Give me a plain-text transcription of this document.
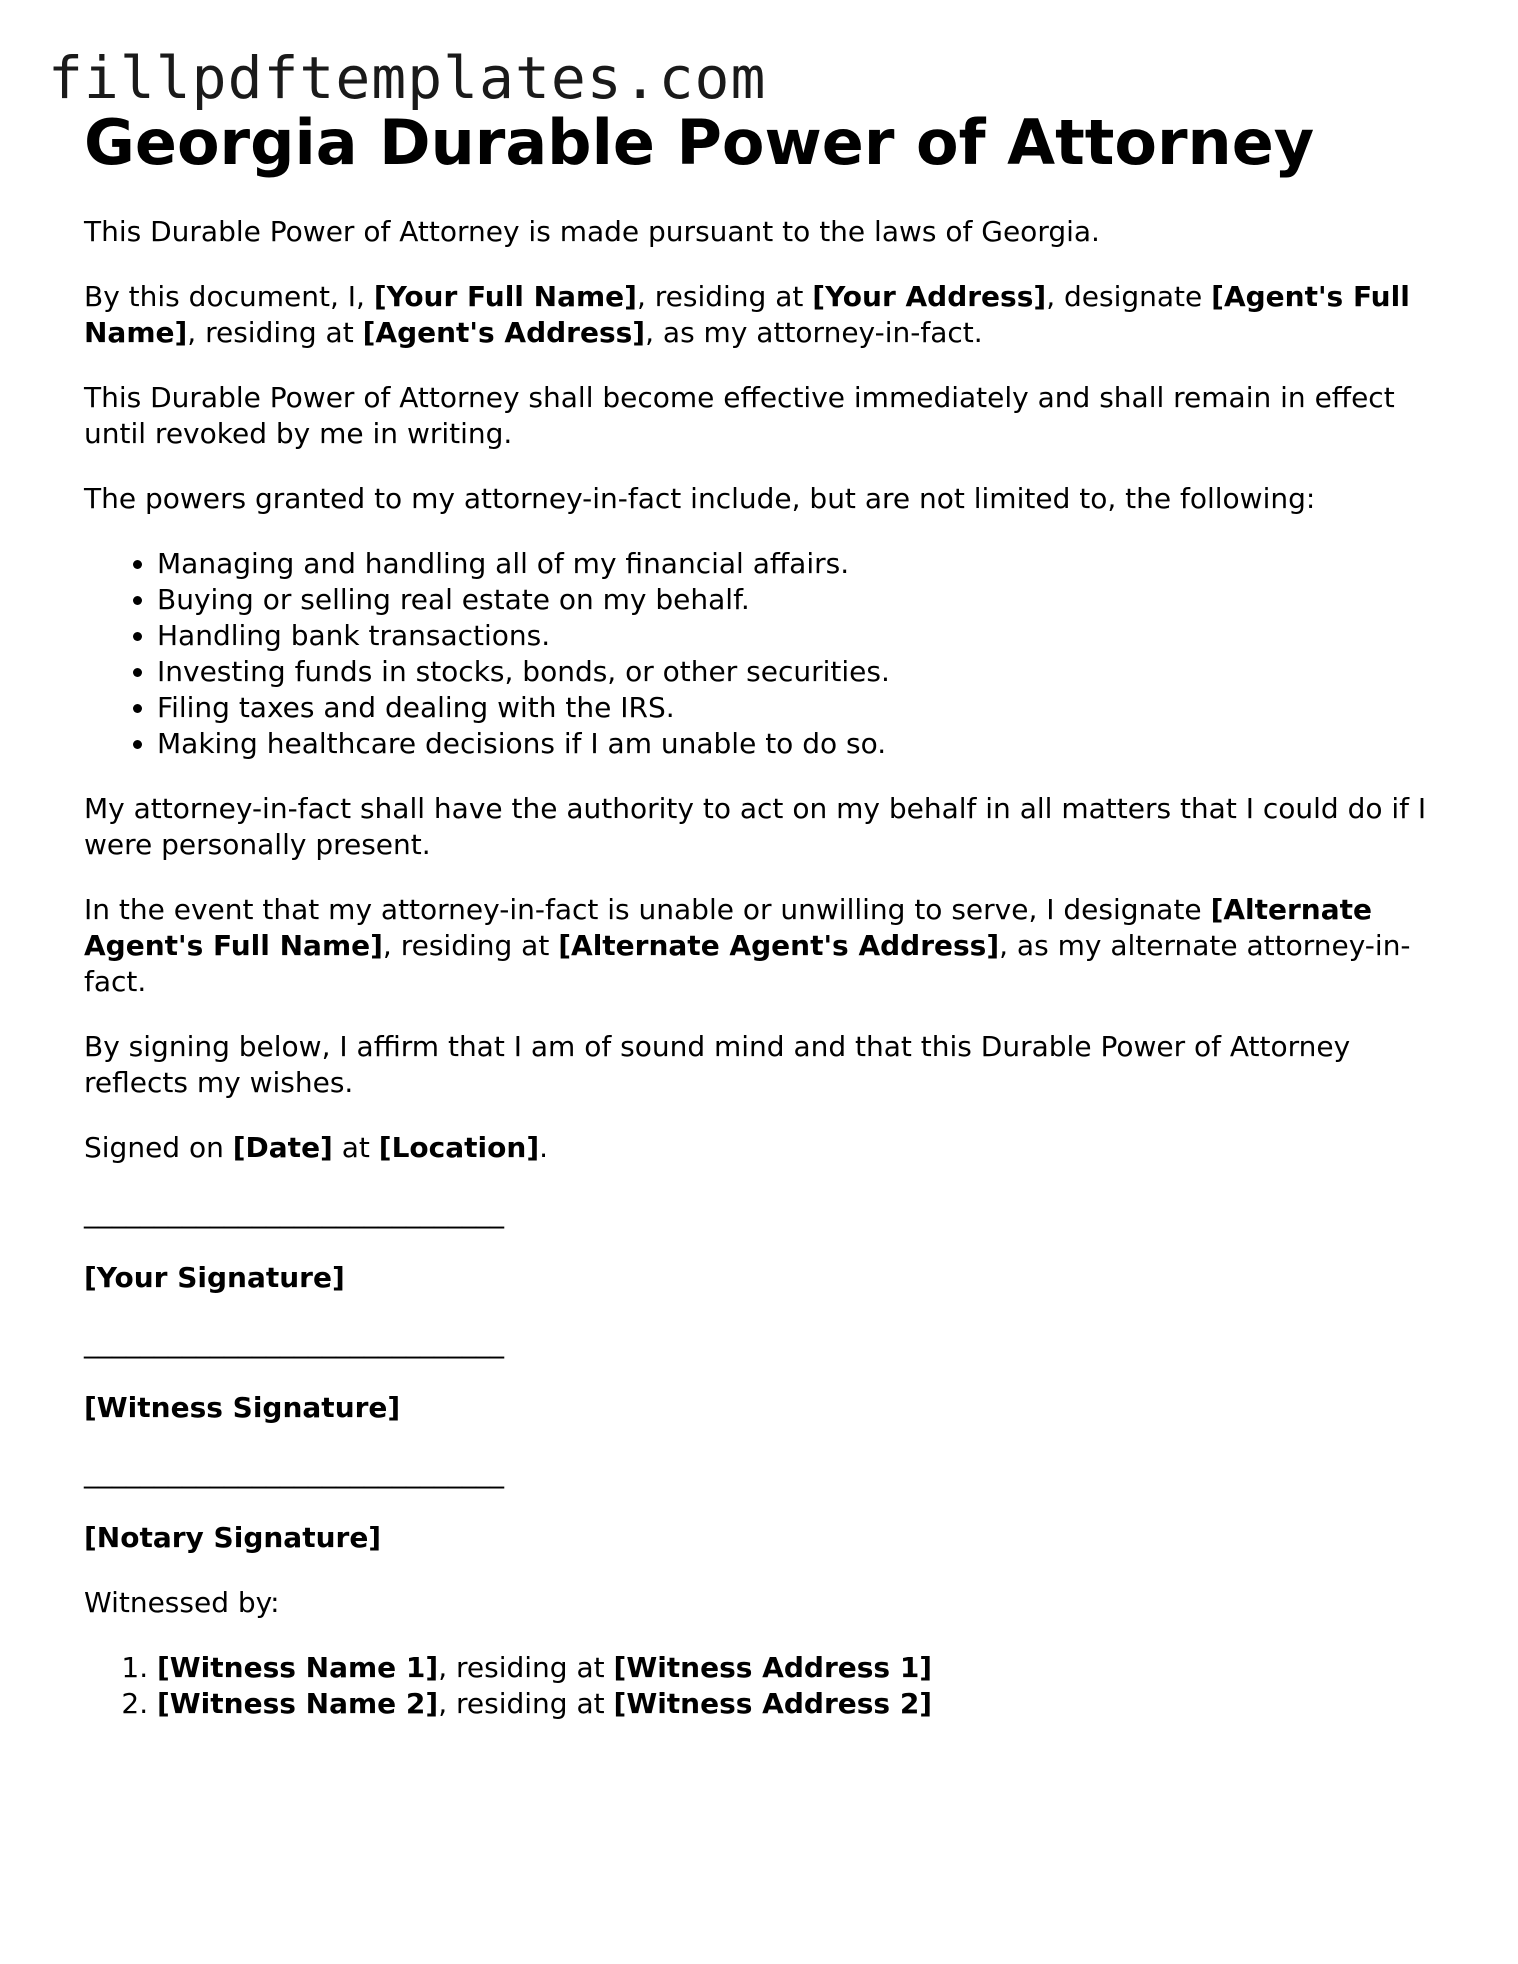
fillpdftemplates.com
Georgia Durable Power of Attorney

This Durable Power of Attorney is made pursuant to the laws of Georgia.

By this document, I, [Your Full Name], residing at [Your Address], designate [Agent's Full Name], residing at [Agent's Address], as my attorney-in-fact.

This Durable Power of Attorney shall become effective immediately and shall remain in effect until revoked by me in writing.

The powers granted to my attorney-in-fact include, but are not limited to, the following:

• Managing and handling all of my financial affairs.
• Buying or selling real estate on my behalf.
• Handling bank transactions.
• Investing funds in stocks, bonds, or other securities.
• Filing taxes and dealing with the IRS.
• Making healthcare decisions if I am unable to do so.

My attorney-in-fact shall have the authority to act on my behalf in all matters that I could do if I were personally present.

In the event that my attorney-in-fact is unable or unwilling to serve, I designate [Alternate Agent's Full Name], residing at [Alternate Agent's Address], as my alternate attorney-in-fact.

By signing below, I affirm that I am of sound mind and that this Durable Power of Attorney reflects my wishes.

Signed on [Date] at [Location].

______________________________

[Your Signature]

______________________________

[Witness Signature]

______________________________

[Notary Signature]

Witnessed by:

1. [Witness Name 1], residing at [Witness Address 1]
2. [Witness Name 2], residing at [Witness Address 2]
